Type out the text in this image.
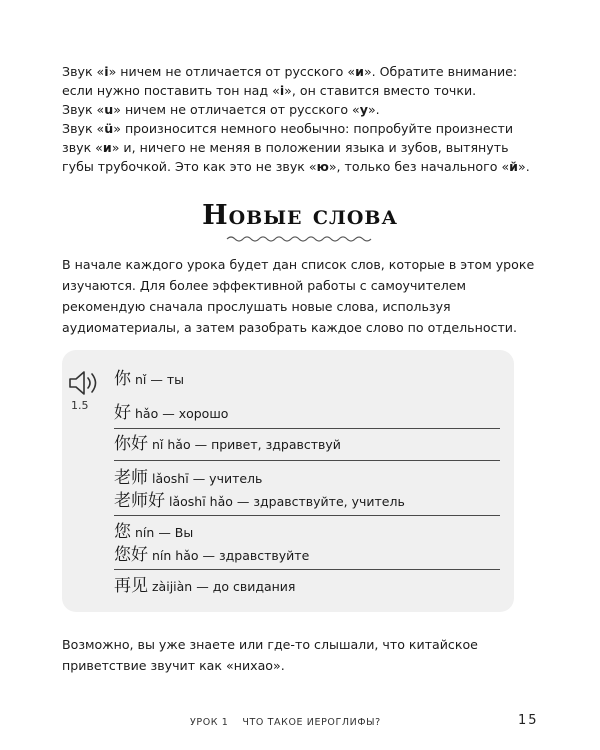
Звук «i» ничем не отличается от русского «и». Обратите внимание: если нужно поставить тон над «i», он ставится вместо точки.

Звук «u» ничем не отличается от русского «у».

Звук «ü» произносится немного необычно: попробуйте произнести звук «и» и, ничего не меняя в положении языка и зубов, вытянуть губы трубочкой. Это как это не звук «ю», только без начального «й».

Новые слова

В начале каждого урока будет дан список слов, которые в этом уроке изучаются. Для более эффективной работы с самоучителем рекомендую сначала прослушать новые слова, используя аудиоматериалы, а затем разобрать каждое слово по отдельности.

1.5
你 nǐ — ты
好 hǎo — хорошо
你好 nǐ hǎo — привет, здравствуй
老师 lǎoshī — учитель
老师好 lǎoshī hǎo — здравствуйте, учитель
您 nín — Вы
您好 nín hǎo — здравствуйте
再见 zàijiàn — до свидания

Возможно, вы уже знаете или где-то слышали, что китайское приветствие звучит как «нихао».

УРОК 1 ЧТО ТАКОЕ ИЕРОГЛИФЫ?	15
